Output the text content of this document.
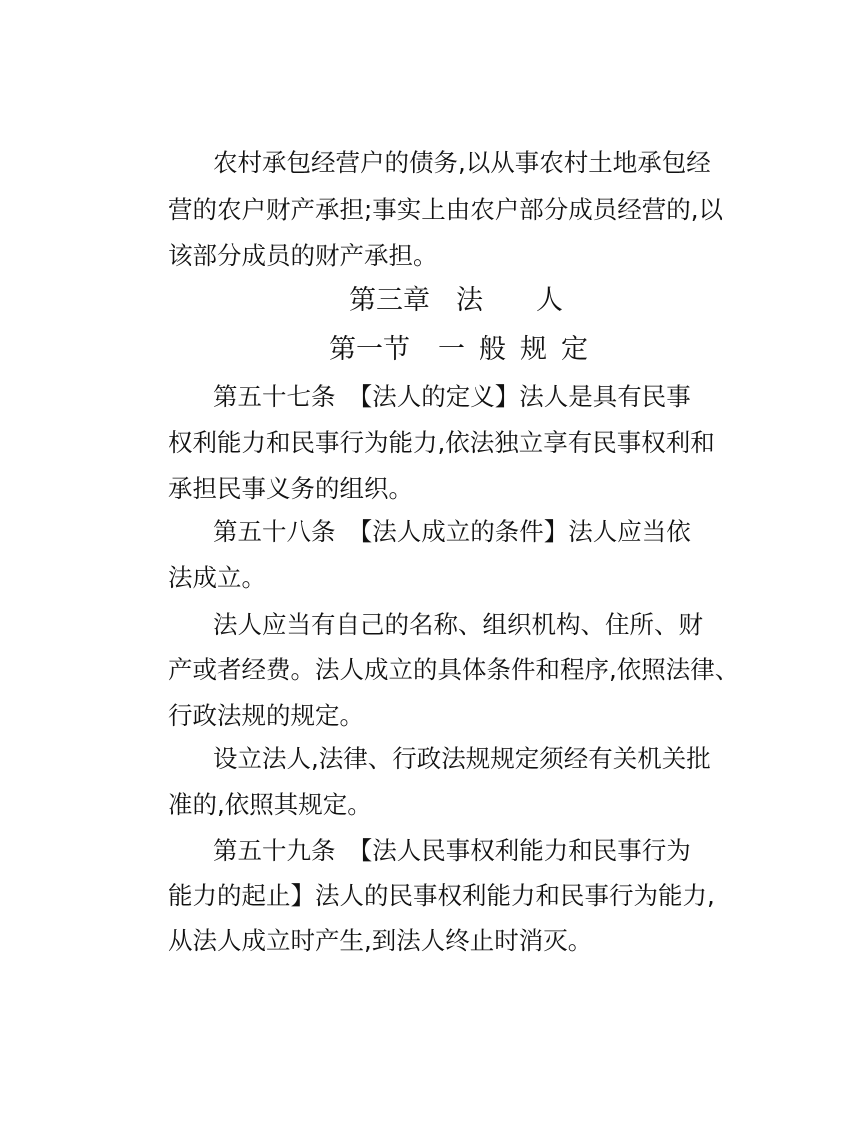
农村承包经营户的债务,以从事农村土地承包经
营的农户财产承担;事实上由农户部分成员经营的,以
该部分成员的财产承担。
第三章 法 人
第一节 一 般 规 定
第五十七条　【法人的定义】法人是具有民事
权利能力和民事行为能力,依法独立享有民事权利和
承担民事义务的组织。
第五十八条　【法人成立的条件】法人应当依
法成立。
法人应当有自己的名称、组织机构、住所、财
产或者经费。法人成立的具体条件和程序,依照法律、
行政法规的规定。
设立法人,法律、行政法规规定须经有关机关批
准的,依照其规定。
第五十九条　【法人民事权利能力和民事行为
能力的起止】法人的民事权利能力和民事行为能力,
从法人成立时产生,到法人终止时消灭。
